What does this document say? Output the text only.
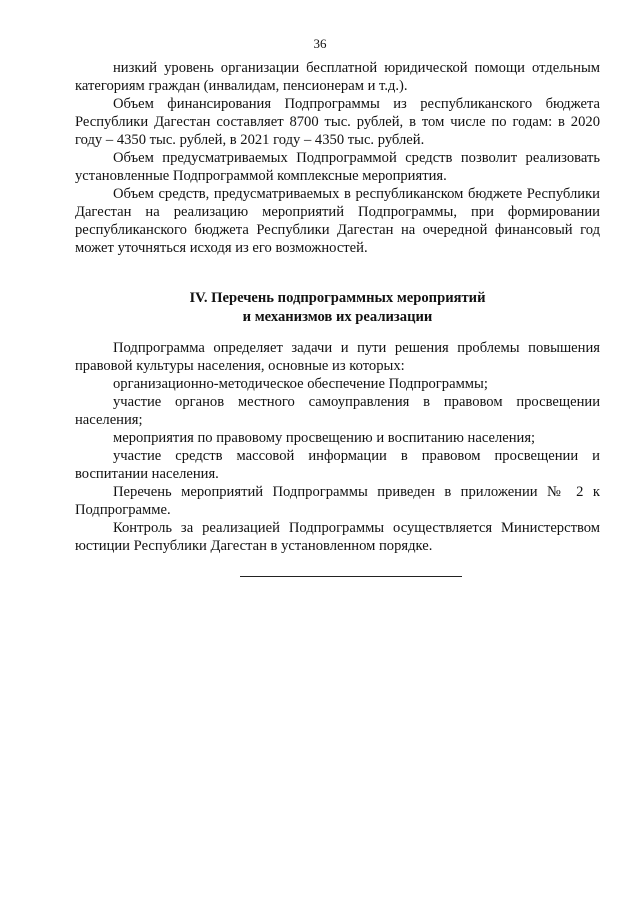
36

низкий уровень организации бесплатной юридической помощи отдельным категориям граждан (инвалидам, пенсионерам и т.д.).

Объем финансирования Подпрограммы из республиканского бюджета Республики Дагестан составляет 8700 тыс. рублей, в том числе по годам: в 2020 году – 4350 тыс. рублей, в 2021 году – 4350 тыс. рублей.

Объем предусматриваемых Подпрограммой средств позволит реализовать установленные Подпрограммой комплексные мероприятия.

Объем средств, предусматриваемых в республиканском бюджете Республики Дагестан на реализацию мероприятий Подпрограммы, при формировании республиканского бюджета Республики Дагестан на очередной финансовый год может уточняться исходя из его возможностей.

IV. Перечень подпрограммных мероприятий
и механизмов их реализации

Подпрограмма определяет задачи и пути решения проблемы повышения правовой культуры населения, основные из которых:

организационно-методическое обеспечение Подпрограммы;

участие органов местного самоуправления в правовом просвещении населения;

мероприятия по правовому просвещению и воспитанию населения;

участие средств массовой информации в правовом просвещении и воспитании населения.

Перечень мероприятий Подпрограммы приведен в приложении № 2 к Подпрограмме.

Контроль за реализацией Подпрограммы осуществляется Министерством юстиции Республики Дагестан в установленном порядке.
